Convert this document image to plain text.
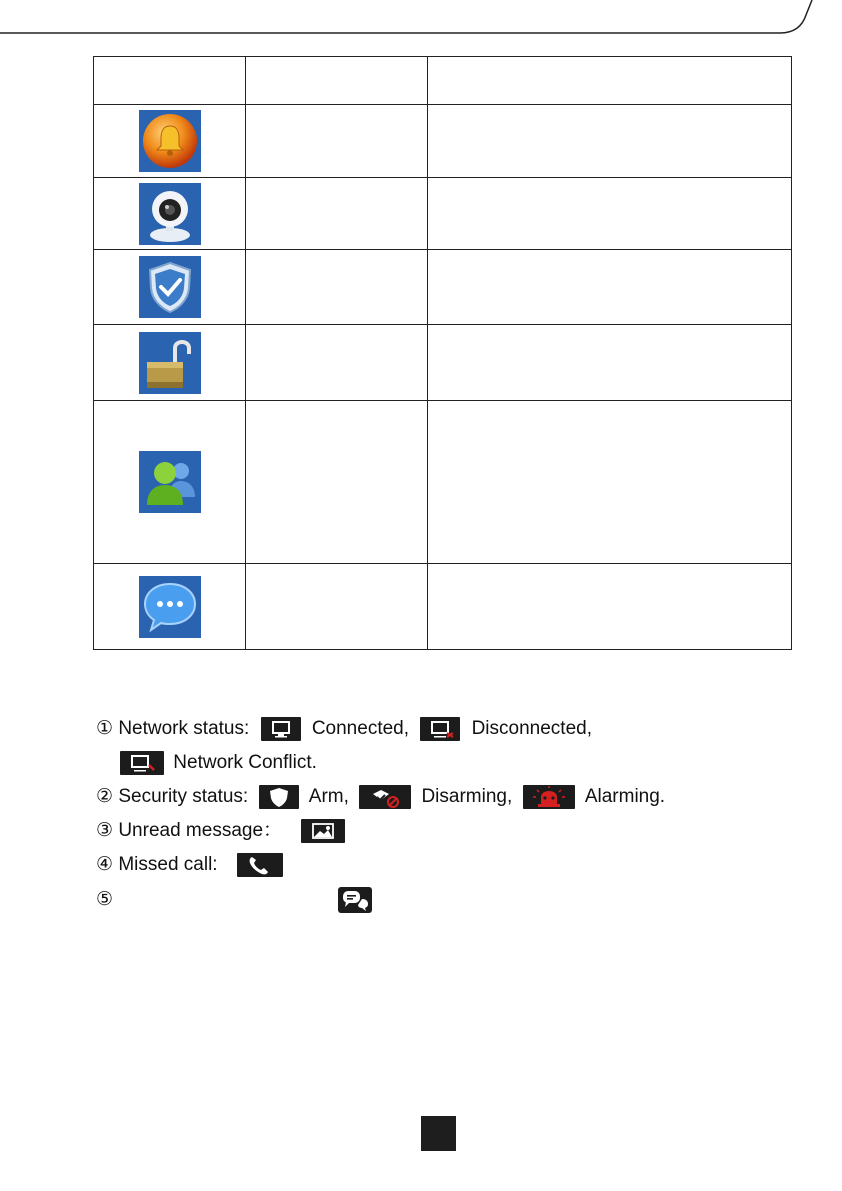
① Network status:	Connected,	Disconnected,
Network Conflict.
② Security status:	Arm,	Disarming,	Alarming.
③ Unread message：
④ Missed call:
⑤
